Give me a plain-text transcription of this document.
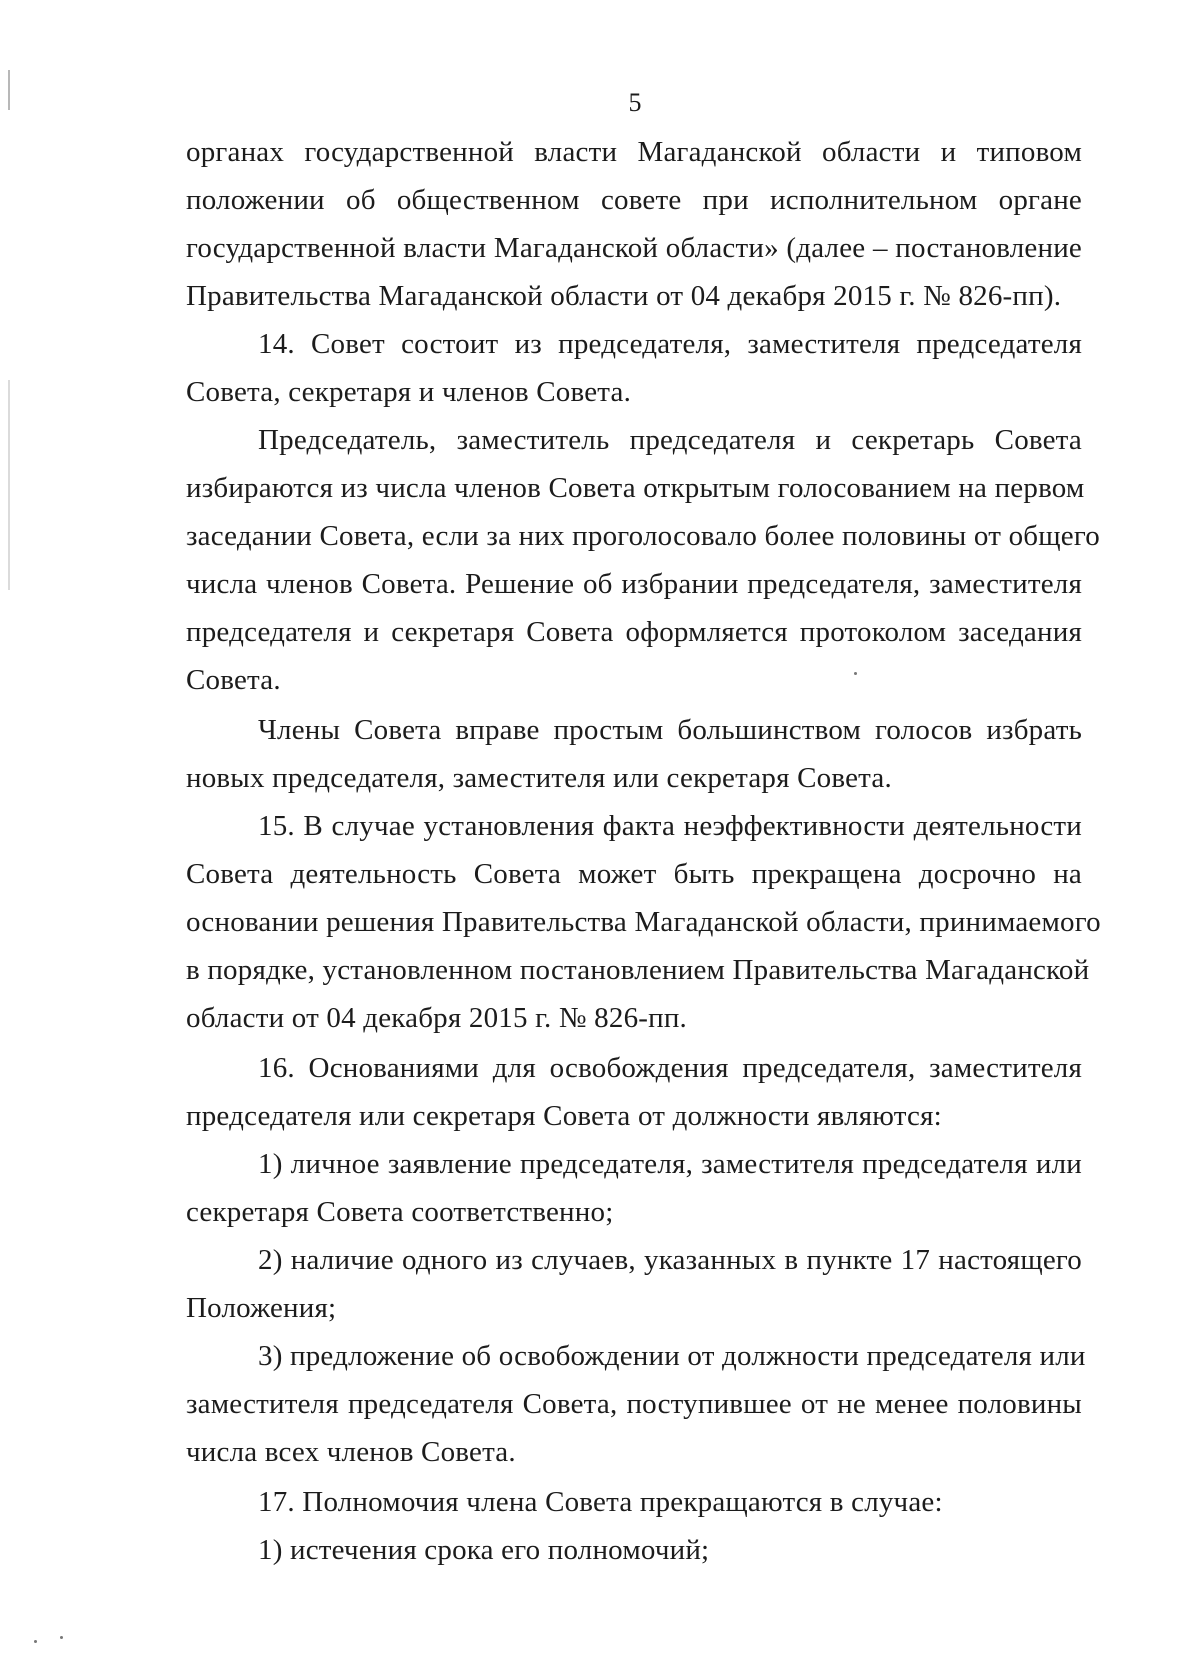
5
органах государственной власти Магаданской области и типовом
положении об общественном совете при исполнительном органе
государственной власти Магаданской области» (далее – постановление
Правительства Магаданской области от 04 декабря 2015 г. № 826-пп).
14. Совет состоит из председателя, заместителя председателя
Совета, секретаря и членов Совета.
Председатель, заместитель председателя и секретарь Совета
избираются из числа членов Совета открытым голосованием на первом
заседании Совета, если за них проголосовало более половины от общего
числа членов Совета. Решение об избрании председателя, заместителя
председателя и секретаря Совета оформляется протоколом заседания
Совета.
Члены Совета вправе простым большинством голосов избрать
новых председателя, заместителя или секретаря Совета.
15. В случае установления факта неэффективности деятельности
Совета деятельность Совета может быть прекращена досрочно на
основании решения Правительства Магаданской области, принимаемого
в порядке, установленном постановлением Правительства Магаданской
области от 04 декабря 2015 г. № 826-пп.
16. Основаниями для освобождения председателя, заместителя
председателя или секретаря Совета от должности являются:
1) личное заявление председателя, заместителя председателя или
секретаря Совета соответственно;
2) наличие одного из случаев, указанных в пункте 17 настоящего
Положения;
3) предложение об освобождении от должности председателя или
заместителя председателя Совета, поступившее от не менее половины
числа всех членов Совета.
17. Полномочия члена Совета прекращаются в случае:
1) истечения срока его полномочий;
